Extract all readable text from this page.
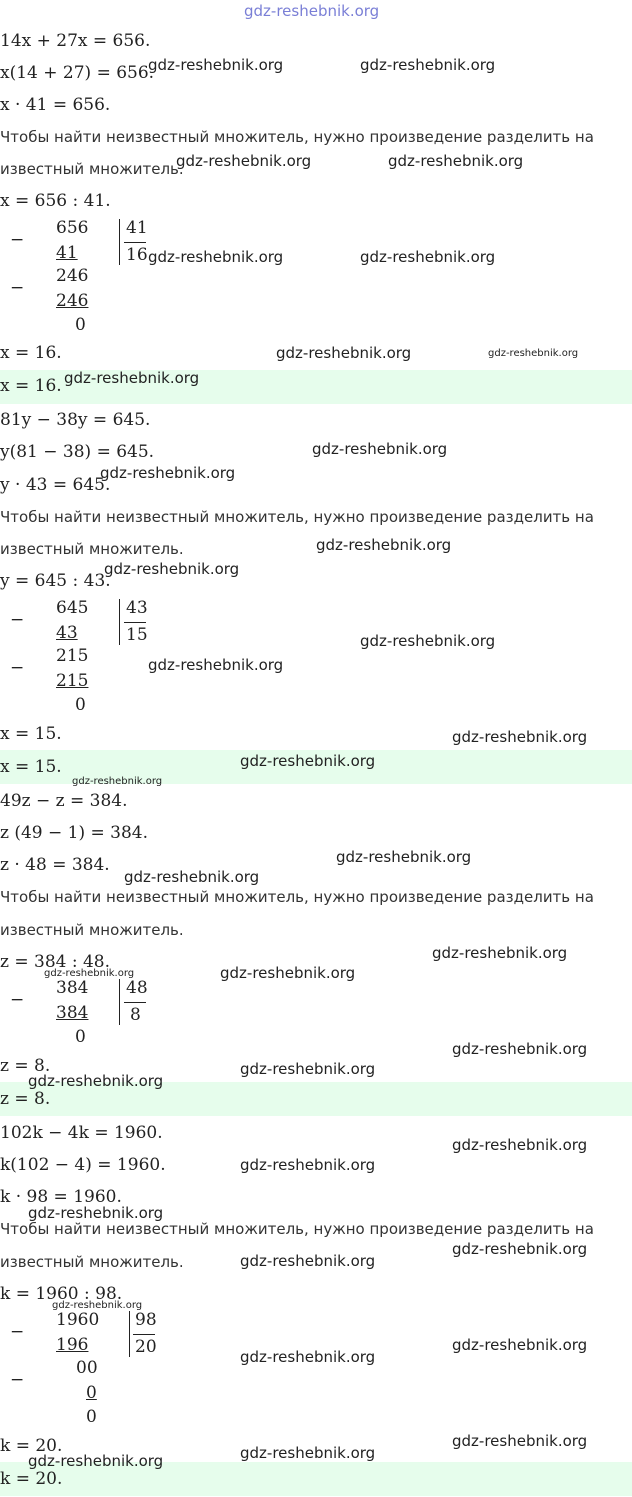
gdz-reshebnik.org
14x + 27x = 656.
x(14 + 27) = 656.
x · 41 = 656.
Чтобы найти неизвестный множитель, нужно произведение разделить на
известный множитель.
x = 656 : 41.
−
656
41
−
246
246
0
41
16
x = 16.
x = 16.
81y − 38y = 645.
y(81 − 38) = 645.
y · 43 = 645.
Чтобы найти неизвестный множитель, нужно произведение разделить на
известный множитель.
y = 645 : 43.
−
645
43
−
215
215
0
43
15
x = 15.
x = 15.
49z − z = 384.
z (49 − 1) = 384.
z · 48 = 384.
Чтобы найти неизвестный множитель, нужно произведение разделить на
известный множитель.
z = 384 : 48.
−
384
384
0
48
8
z = 8.
z = 8.
102k − 4k = 1960.
k(102 − 4) = 1960.
k · 98 = 1960.
Чтобы найти неизвестный множитель, нужно произведение разделить на
известный множитель.
k = 1960 : 98.
−
1960
196
−
00
0
0
98
20
k = 20.
k = 20.
gdz-reshebnik.org	gdz-reshebnik.org
gdz-reshebnik.org	gdz-reshebnik.org
gdz-reshebnik.org	gdz-reshebnik.org
gdz-reshebnik.org	gdz-reshebnik.org
gdz-reshebnik.org
gdz-reshebnik.org
gdz-reshebnik.org
gdz-reshebnik.org
gdz-reshebnik.org
gdz-reshebnik.org
gdz-reshebnik.org
gdz-reshebnik.org
gdz-reshebnik.org
gdz-reshebnik.org
gdz-reshebnik.org
gdz-reshebnik.org
gdz-reshebnik.org
gdz-reshebnik.org
gdz-reshebnik.org
gdz-reshebnik.org
gdz-reshebnik.org
gdz-reshebnik.org
gdz-reshebnik.org
gdz-reshebnik.org
gdz-reshebnik.org
gdz-reshebnik.org
gdz-reshebnik.org
gdz-reshebnik.org
gdz-reshebnik.org
gdz-reshebnik.org
gdz-reshebnik.org
gdz-reshebnik.org
gdz-reshebnik.org
